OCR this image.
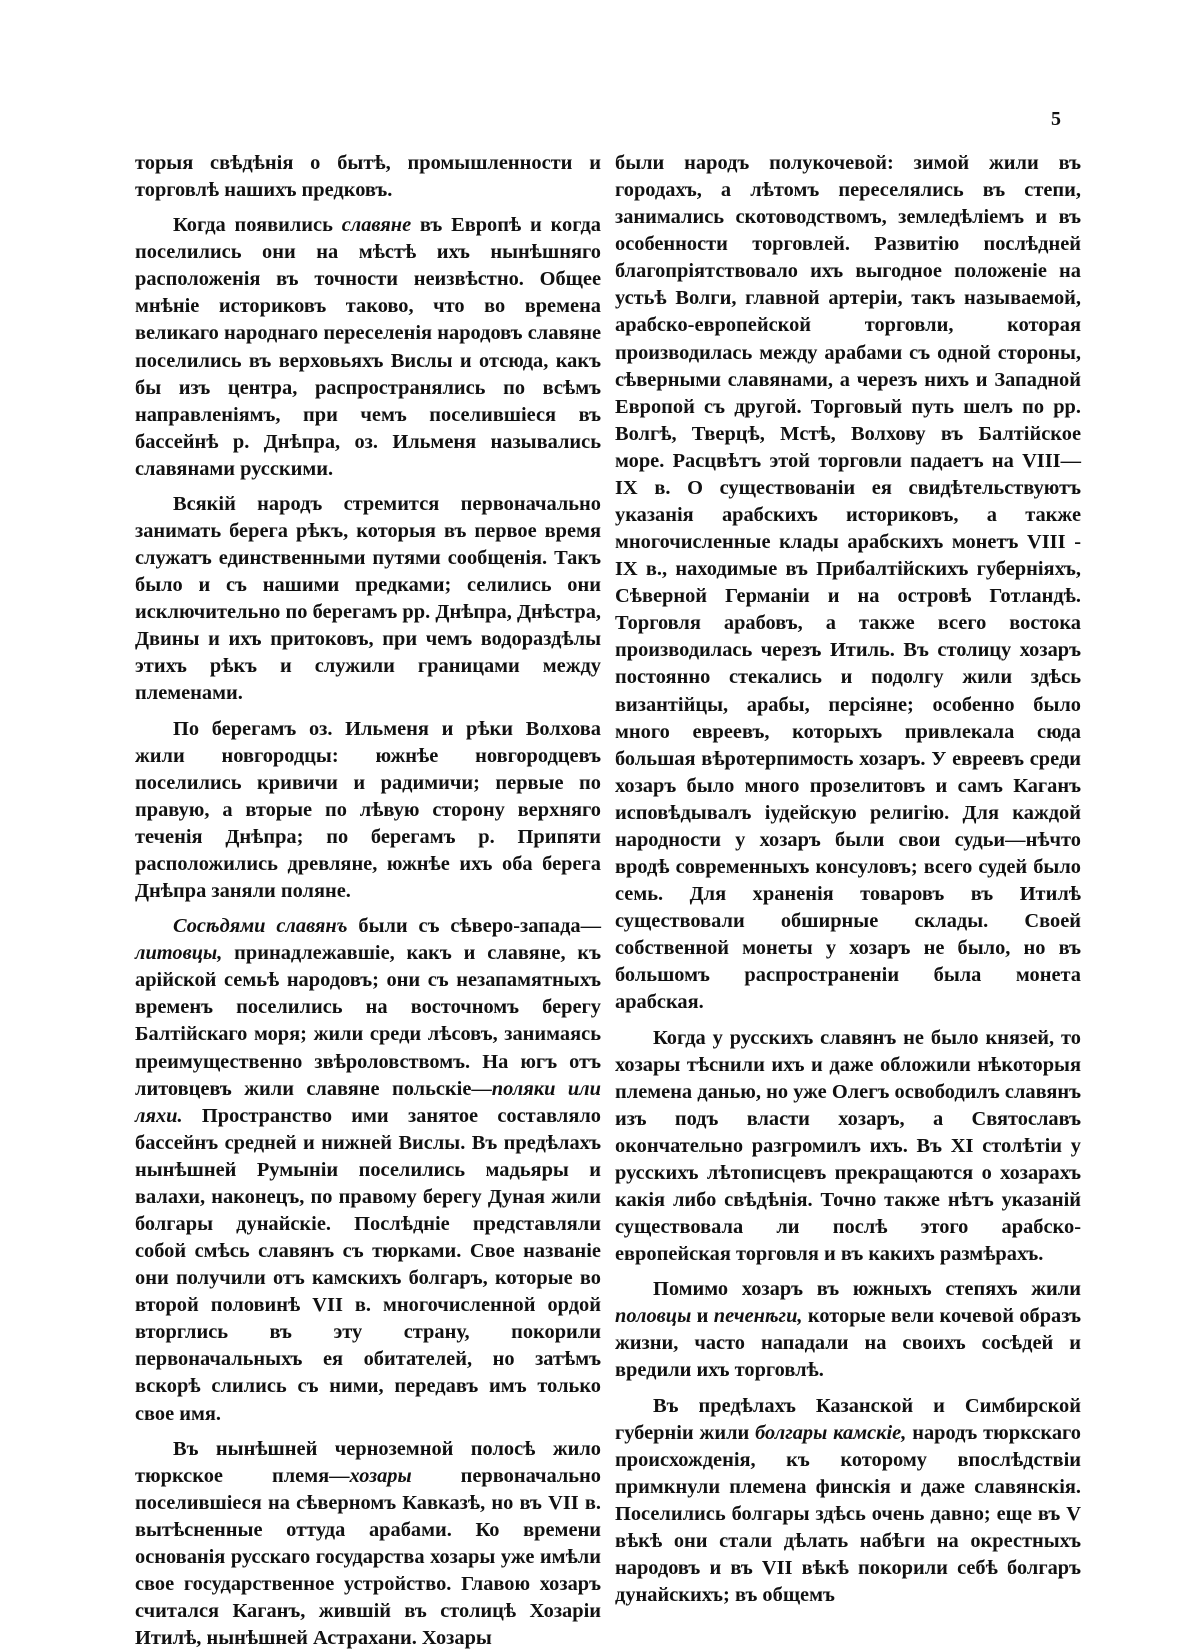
5

торыя свѣдѣнія о бытѣ, промышленности и торговлѣ нашихъ предковъ.

Когда появились славяне въ Европѣ и когда поселились они на мѣстѣ ихъ нынѣшняго расположенія въ точности неизвѣстно. Общее мнѣніе историковъ таково, что во времена великаго народнаго переселенія народовъ славяне поселились въ верховьяхъ Вислы и отсюда, какъ бы изъ центра, распространялись по всѣмъ направленіямъ, при чемъ поселившіеся въ бассейнѣ р. Днѣпра, оз. Ильменя назывались славянами русскими.

Всякій народъ стремится первоначально занимать берега рѣкъ, которыя въ первое время служатъ единственными путями сообщенія. Такъ было и съ нашими предками; селились они исключительно по берегамъ рр. Днѣпра, Днѣстра, Двины и ихъ притоковъ, при чемъ водораздѣлы этихъ рѣкъ и служили границами между племенами.

По берегамъ оз. Ильменя и рѣки Волхова жили новгородцы: южнѣе новгородцевъ поселились кривичи и радимичи; первые по правую, а вторые по лѣвую сторону верхняго теченія Днѣпра; по берегамъ р. Припяти расположились древляне, южнѣе ихъ оба берега Днѣпра заняли поляне.

Сосѣдями славянъ были съ сѣверо-запада—литовцы, принадлежавшіе, какъ и славяне, къ арійской семьѣ народовъ; они съ незапамятныхъ временъ поселились на восточномъ берегу Балтійскаго моря; жили среди лѣсовъ, занимаясь преимущественно звѣроловствомъ. На югъ отъ литовцевъ жили славяне польскіе—поляки или ляхи. Пространство ими занятое составляло бассейнъ средней и нижней Вислы. Въ предѣлахъ нынѣшней Румыніи поселились мадьяры и валахи, наконецъ, по правому берегу Дуная жили болгары дунайскіе. Послѣдніе представляли собой смѣсь славянъ съ тюрками. Свое названіе они получили отъ камскихъ болгаръ, которые во второй половинѣ VII в. многочисленной ордой вторглись въ эту страну, покорили первоначальныхъ ея обитателей, но затѣмъ вскорѣ слились съ ними, передавъ имъ только свое имя.

Въ нынѣшней черноземной полосѣ жило тюркское племя—хозары первоначально поселившіеся на сѣверномъ Кавказѣ, но въ VII в. вытѣсненные оттуда арабами. Ко времени основанія русскаго государства хозары уже имѣли свое государственное устройство. Главою хозаръ считался Каганъ, жившій въ столицѣ Хозаріи Итилѣ, нынѣшней Астрахани. Хозары

были народъ полукочевой: зимой жили въ городахъ, а лѣтомъ переселялись въ степи, занимались скотоводствомъ, земледѣліемъ и въ особенности торговлей. Развитію послѣдней благопріятствовало ихъ выгодное положеніе на устьѣ Волги, главной артеріи, такъ называемой, арабско-европейской торговли, которая производилась между арабами съ одной стороны, сѣверными славянами, а черезъ нихъ и Западной Европой съ другой. Торговый путь шелъ по рр. Волгѣ, Тверцѣ, Мстѣ, Волхову въ Балтійское море. Расцвѣтъ этой торговли падаетъ на VIII—IX в. О существованіи ея свидѣтельствуютъ указанія арабскихъ историковъ, а также многочисленные клады арабскихъ монетъ VIII -IX в., находимые въ Прибалтійскихъ губерніяхъ, Сѣверной Германіи и на островѣ Готландѣ. Торговля арабовъ, а также всего востока производилась черезъ Итиль. Въ столицу хозаръ постоянно стекались и подолгу жили здѣсь византійцы, арабы, персіяне; особенно было много евреевъ, которыхъ привлекала сюда большая вѣротерпимость хозаръ. У евреевъ среди хозаръ было много прозелитовъ и самъ Каганъ исповѣдывалъ іудейскую религію. Для каждой народности у хозаръ были свои судьи—нѣчто вродѣ современныхъ консуловъ; всего судей было семь. Для храненія товаровъ въ Итилѣ существовали обширные склады. Своей собственной монеты у хозаръ не было, но въ большомъ распространеніи была монета арабская.

Когда у русскихъ славянъ не было князей, то хозары тѣснили ихъ и даже обложили нѣкоторыя племена данью, но уже Олегъ освободилъ славянъ изъ подъ власти хозаръ, а Святославъ окончательно разгромилъ ихъ. Въ XI столѣтіи у русскихъ лѣтописцевъ прекращаются о хозарахъ какія либо свѣдѣнія. Точно также нѣтъ указаній существовала ли послѣ этого арабско-европейская торговля и въ какихъ размѣрахъ.

Помимо хозаръ въ южныхъ степяхъ жили половцы и печенѣги, которые вели кочевой образъ жизни, часто нападали на своихъ сосѣдей и вредили ихъ торговлѣ.

Въ предѣлахъ Казанской и Симбирской губерніи жили болгары камскіе, народъ тюркскаго происхожденія, къ которому впослѣдствіи примкнули племена финскія и даже славянскія. Поселились болгары здѣсь очень давно; еще въ V вѣкѣ они стали дѣлать набѣги на окрестныхъ народовъ и въ VII вѣкѣ покорили себѣ болгаръ дунайскихъ; въ общемъ
